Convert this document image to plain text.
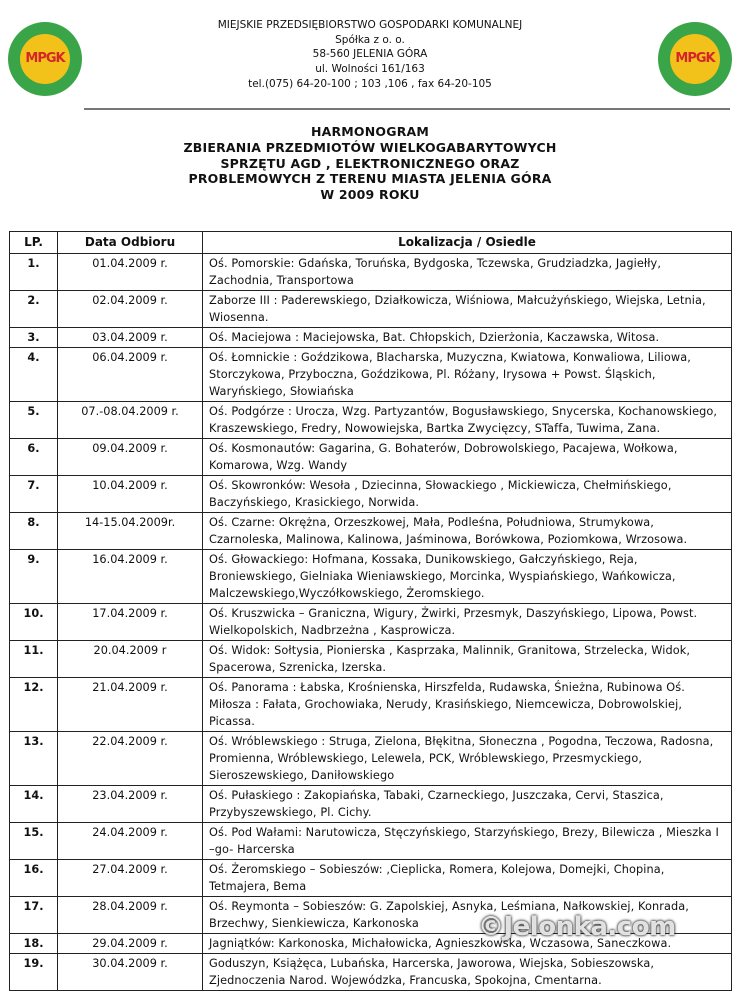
MPGK	MPGK
MIEJSKIE PRZEDSIĘBIORSTWO GOSPODARKI KOMUNALNEJ
Spółka z o. o.
58-560 JELENIA GÓRA
ul. Wolności 161/163
tel.(075) 64-20-100 ; 103 ,106 , fax 64-20-105
HARMONOGRAM
ZBIERANIA PRZEDMIOTÓW WIELKOGABARYTOWYCH
SPRZĘTU AGD , ELEKTRONICZNEGO ORAZ
PROBLEMOWYCH Z TERENU MIASTA JELENIA GÓRA
W 2009 ROKU
LP.	Data Odbioru	Lokalizacja / Osiedle
1.	01.04.2009 r.	Oś. Pomorskie: Gdańska, Toruńska, Bydgoska, Tczewska, Grudziadzka, Jagiełły, Zachodnia, Transportowa
2.	02.04.2009 r.	Zaborze III : Paderewskiego, Działkowicza, Wiśniowa, Małcużyńskiego, Wiejska, Letnia, Wiosenna.
3.	03.04.2009 r.	Oś. Maciejowa : Maciejowska, Bat. Chłopskich, Dzierżonia, Kaczawska, Witosa.
4.	06.04.2009 r.	Oś. Łomnickie : Goździkowa, Blacharska, Muzyczna, Kwiatowa, Konwaliowa, Liliowa, Storczykowa, Przyboczna, Goździkowa, Pl. Różany, Irysowa + Powst. Śląskich, Waryńskiego, Słowiańska
5.	07.-08.04.2009 r.	Oś. Podgórze : Urocza, Wzg. Partyzantów, Bogusławskiego, Snycerska, Kochanowskiego, Kraszewskiego, Fredry, Nowowiejska, Bartka Zwycięzcy, STaffa, Tuwima, Zana.
6.	09.04.2009 r.	Oś. Kosmonautów: Gagarina, G. Bohaterów, Dobrowolskiego, Pacajewa, Wołkowa, Komarowa, Wzg. Wandy
7.	10.04.2009 r.	Oś. Skowronków: Wesoła , Dziecinna, Słowackiego , Mickiewicza, Chełmińskiego, Baczyńskiego, Krasickiego, Norwida.
8.	14-15.04.2009r.	Oś. Czarne: Okrężna, Orzeszkowej, Mała, Podleśna, Południowa, Strumykowa, Czarnoleska, Malinowa, Kalinowa, Jaśminowa, Borówkowa, Poziomkowa, Wrzosowa.
9.	16.04.2009 r.	Oś. Głowackiego: Hofmana, Kossaka, Dunikowskiego, Gałczyńskiego, Reja, Broniewskiego, Gielniaka Wieniawskiego, Morcinka, Wyspiańskiego, Wańkowicza, Malczewskiego,Wyczółkowskiego, Żeromskiego.
10.	17.04.2009 r.	Oś. Kruszwicka – Graniczna, Wigury, Żwirki, Przesmyk, Daszyńskiego, Lipowa, Powst. Wielkopolskich, Nadbrzeżna , Kasprowicza.
11.	20.04.2009 r	Oś. Widok: Sołtysia, Pionierska , Kasprzaka, Malinnik, Granitowa, Strzelecka, Widok, Spacerowa, Szrenicka, Izerska.
12.	21.04.2009 r.	Oś. Panorama : Łabska, Krośnienska, Hirszfelda, Rudawska, Śnieżna, Rubinowa Oś. Miłosza : Fałata, Grochowiaka, Nerudy, Krasińskiego, Niemcewicza, Dobrowolskiej, Picassa.
13.	22.04.2009 r.	Oś. Wróblewskiego : Struga, Zielona, Błękitna, Słoneczna , Pogodna, Teczowa, Radosna, Promienna, Wróblewskiego, Lelewela, PCK, Wróblewskiego, Przesmyckiego, Sieroszewskiego, Daniłowskiego
14.	23.04.2009 r.	Oś. Pułaskiego : Zakopiańska, Tabaki, Czarneckiego, Juszczaka, Cervi, Staszica, Przybyszewskiego, Pl. Cichy.
15.	24.04.2009 r.	Oś. Pod Wałami: Narutowicza, Stęczyńskiego, Starzyńskiego, Brezy, Bilewicza , Mieszka I –go- Harcerska
16.	27.04.2009 r.	Oś. Żeromskiego – Sobieszów: ,Cieplicka, Romera, Kolejowa, Domejki, Chopina, Tetmajera, Bema
17.	28.04.2009 r.	Oś. Reymonta – Sobieszów: G. Zapolskiej, Asnyka, Leśmiana, Nałkowskiej, Konrada, Brzechwy, Sienkiewicza, Karkonoska
18.	29.04.2009 r.	Jagniątków: Karkonoska, Michałowicka, Agnieszkowska, Wczasowa, Saneczkowa.
19.	30.04.2009 r.	Goduszyn, Książęca, Lubańska, Harcerska, Jaworowa, Wiejska, Sobieszowska, Zjednoczenia Narod. Wojewódzka, Francuska, Spokojna, Cmentarna.
©Jelonka.com
